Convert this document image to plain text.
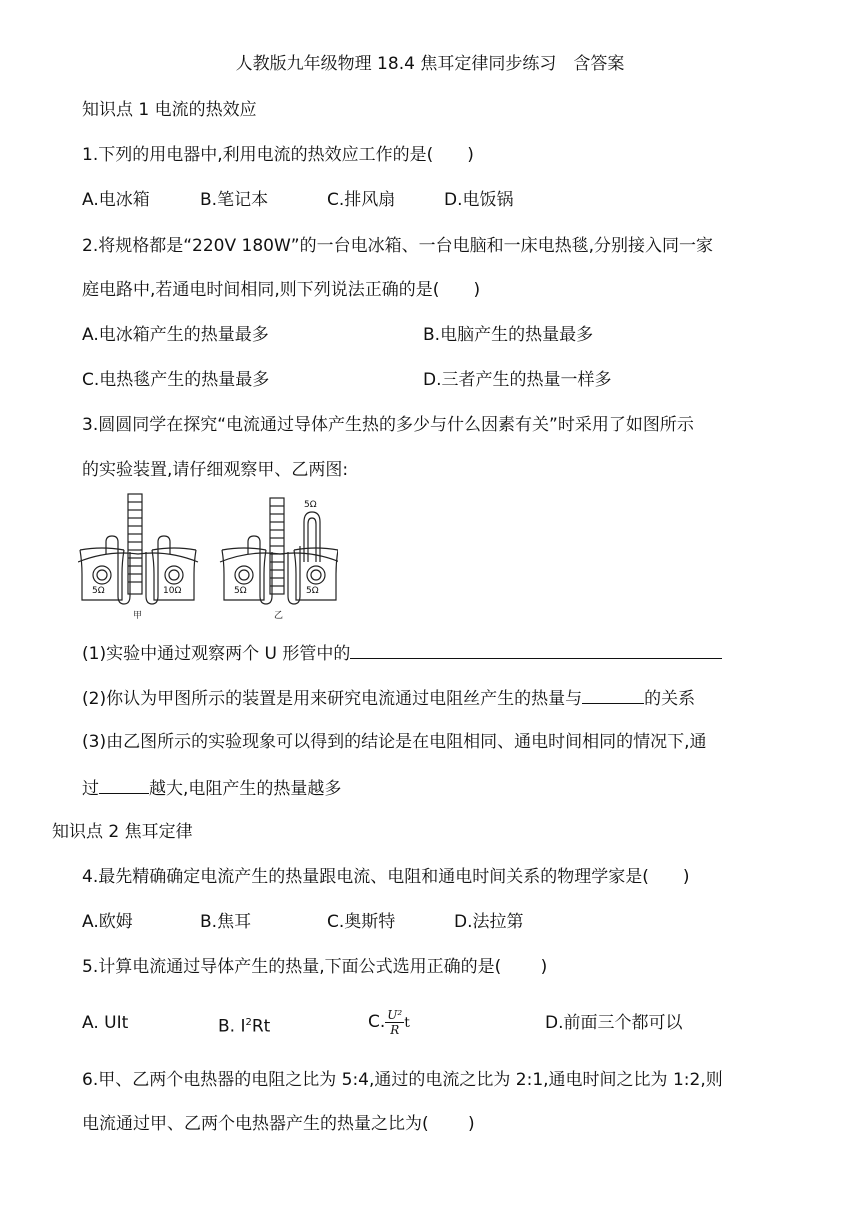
人教版九年级物理 18.4 焦耳定律同步练习　含答案
知识点 1 电流的热效应
1.下列的用电器中,利用电流的热效应工作的是(　　)
A.电冰箱	B.笔记本	C.排风扇	D.电饭锅
2.将规格都是“220V 180W”的一台电冰箱、一台电脑和一床电热毯,分别接入同一家
庭电路中,若通电时间相同,则下列说法正确的是(　　)
A.电冰箱产生的热量最多	B.电脑产生的热量最多
C.电热毯产生的热量最多	D.三者产生的热量一样多
3.圆圆同学在探究“电流通过导体产生热的多少与什么因素有关”时采用了如图所示
的实验装置,请仔细观察甲、乙两图:
5Ω	10Ω
甲
5Ω	5Ω
5Ω
乙
(1)实验中通过观察两个 U 形管中的
(2)你认为甲图所示的装置是用来研究电流通过电阻丝产生的热量与	的关系
(3)由乙图所示的实验现象可以得到的结论是在电阻相同、通电时间相同的情况下,通
过	越大,电阻产生的热量越多
知识点 2 焦耳定律
4.最先精确确定电流产生的热量跟电流、电阻和通电时间关系的物理学家是(　　)
A.欧姆	B.焦耳	C.奥斯特	D.法拉第
5.计算电流通过导体产生的热量,下面公式选用正确的是(　　 )
A. UIt	B. $I^2Rt$	C. $\frac{\text{U²}}{R}$ t	D.前面三个都可以
6.甲、乙两个电热器的电阻之比为 5:4,通过的电流之比为 2:1,通电时间之比为 1:2,则
电流通过甲、乙两个电热器产生的热量之比为(　　 )
